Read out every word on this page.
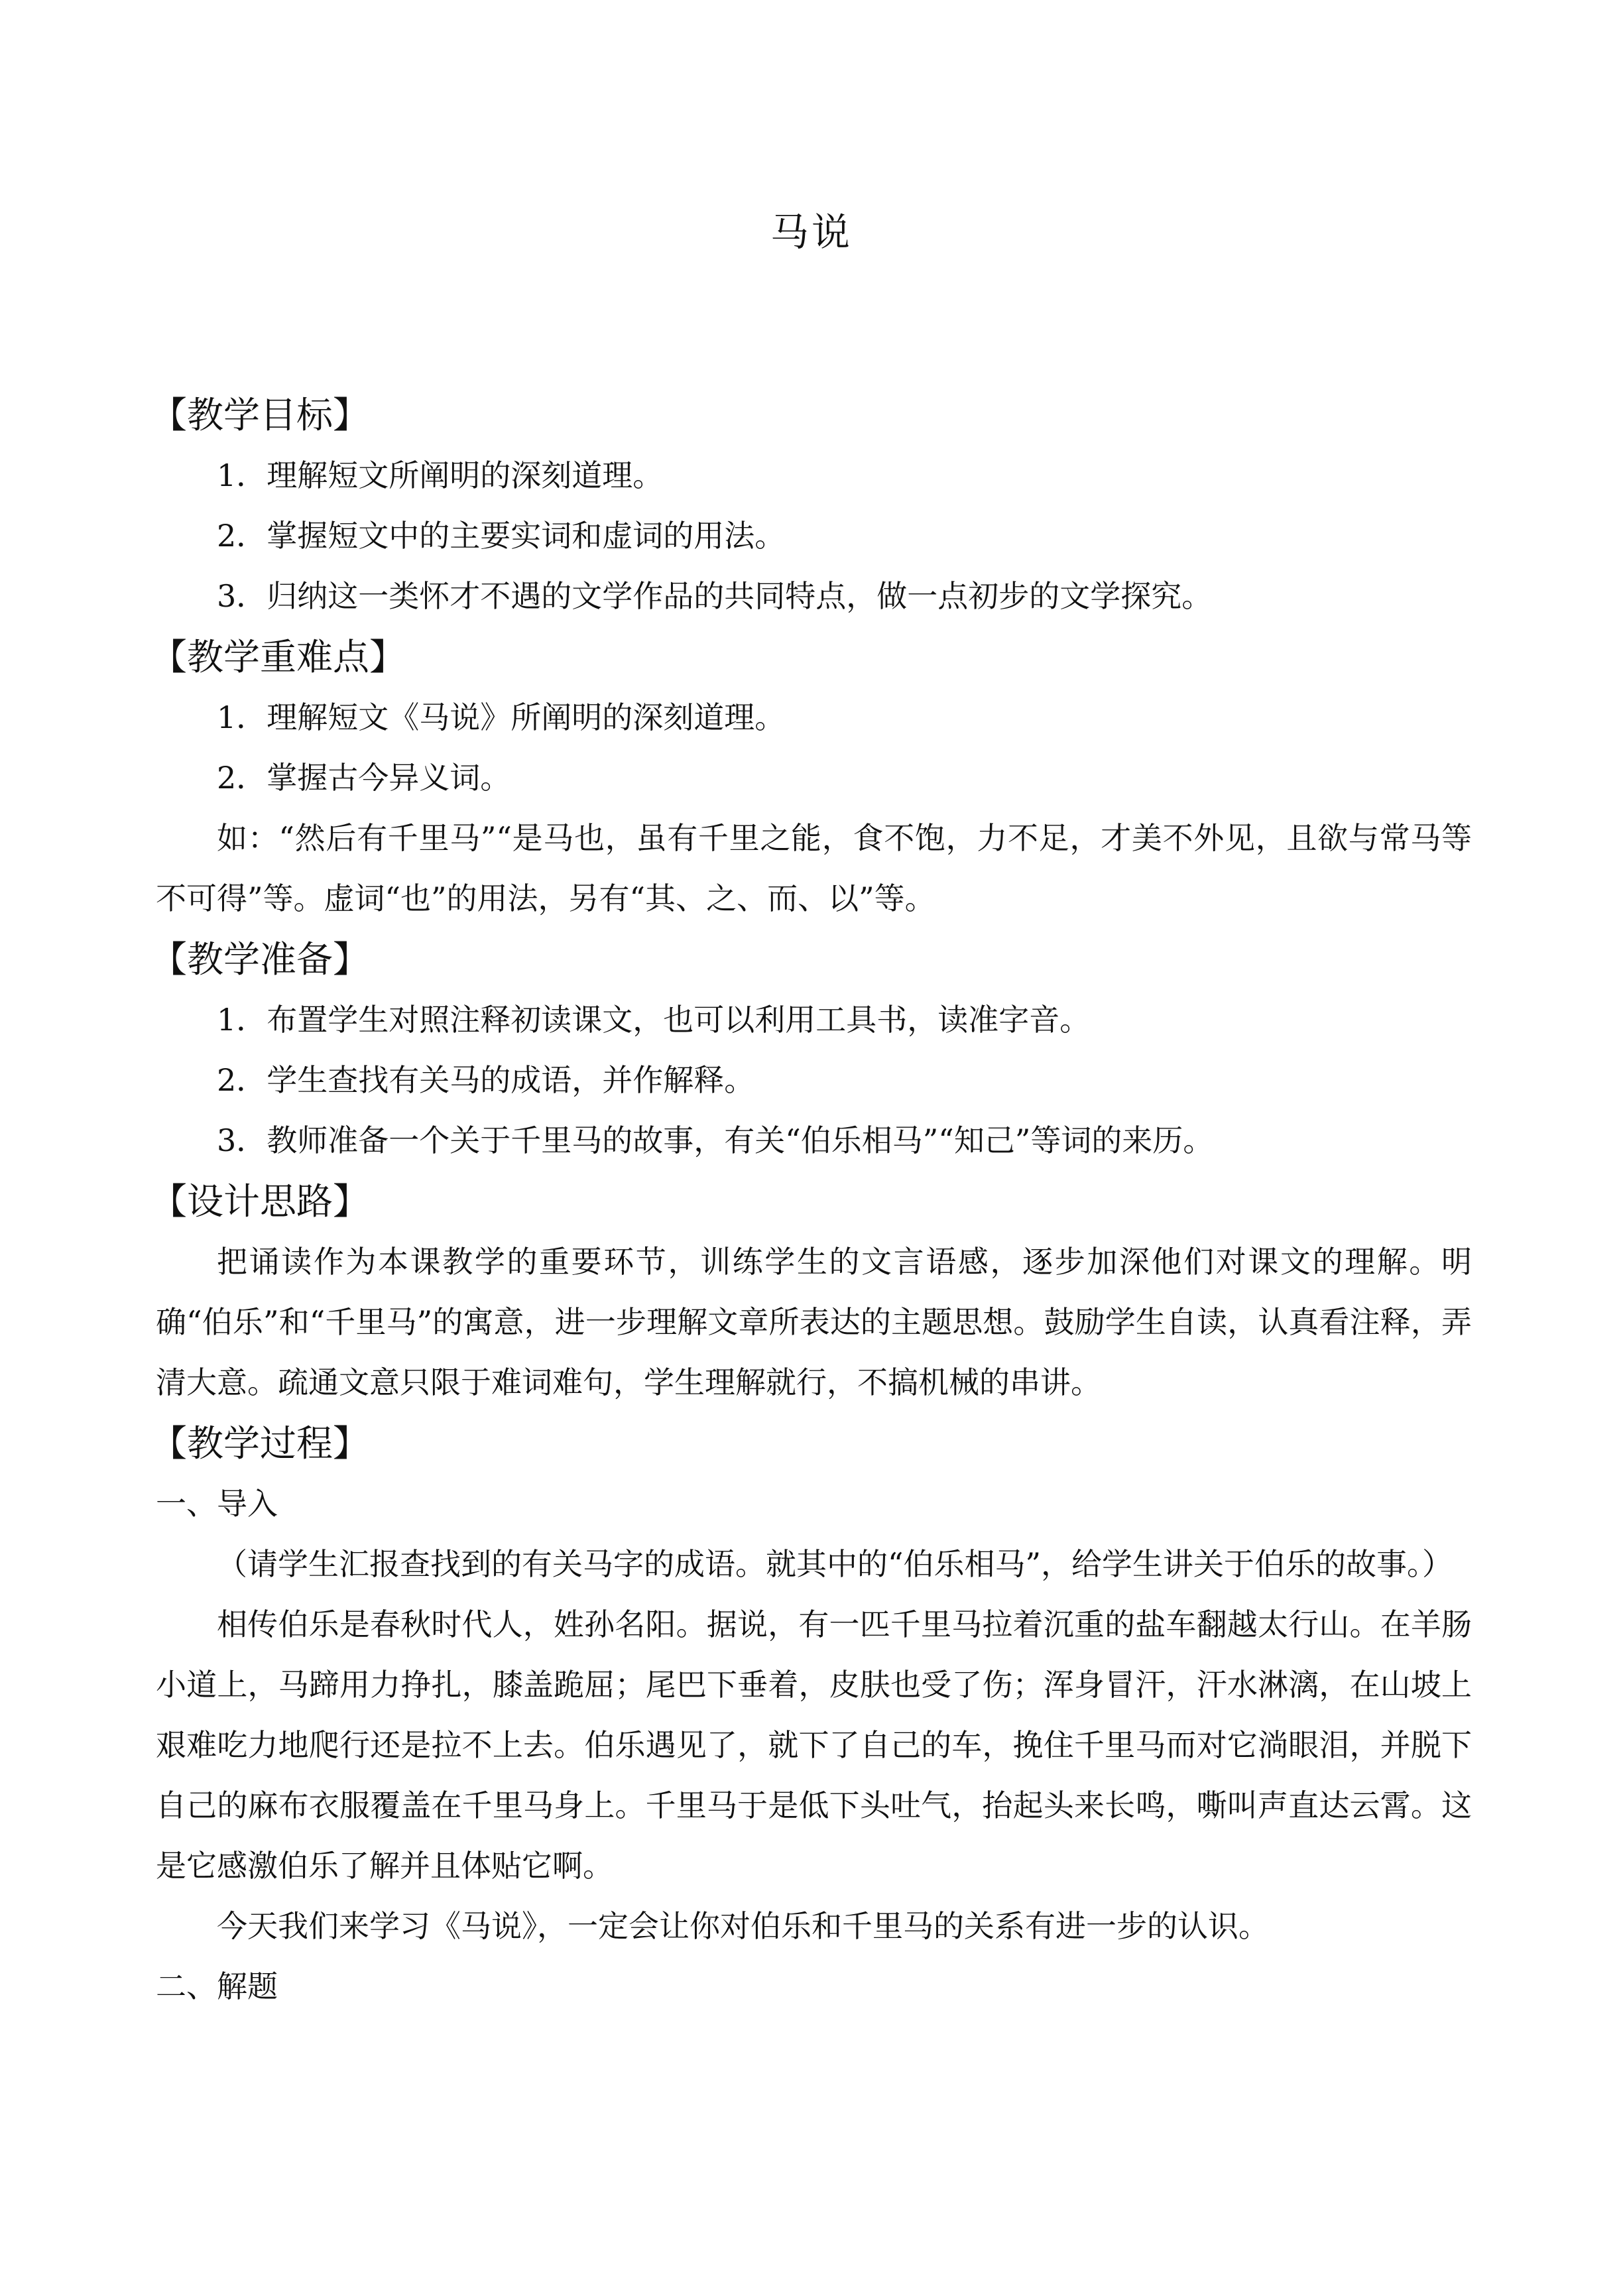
马说
【教学目标】
1．理解短文所阐明的深刻道理。
2．掌握短文中的主要实词和虚词的用法。
3．归纳这一类怀才不遇的文学作品的共同特点，做一点初步的文学探究。
【教学重难点】
1．理解短文《马说》所阐明的深刻道理。
2．掌握古今异义词。

如：“然后有千里马”“是马也，虽有千里之能，食不饱，力不足，才美不外见，且欲与常马等不可得”等。虚词“也”的用法，另有“其、之、而、以”等。

【教学准备】
1．布置学生对照注释初读课文，也可以利用工具书，读准字音。
2．学生查找有关马的成语，并作解释。
3．教师准备一个关于千里马的故事，有关“伯乐相马”“知己”等词的来历。
【设计思路】

把诵读作为本课教学的重要环节，训练学生的文言语感，逐步加深他们对课文的理解。明确“伯乐”和“千里马”的寓意，进一步理解文章所表达的主题思想。鼓励学生自读，认真看注释，弄清大意。疏通文意只限于难词难句，学生理解就行，不搞机械的串讲。

【教学过程】
一、导入

（请学生汇报查找到的有关马字的成语。就其中的“伯乐相马”，给学生讲关于伯乐的故事。）

相传伯乐是春秋时代人，姓孙名阳。据说，有一匹千里马拉着沉重的盐车翻越太行山。在羊肠小道上，马蹄用力挣扎，膝盖跪屈；尾巴下垂着，皮肤也受了伤；浑身冒汗，汗水淋漓，在山坡上艰难吃力地爬行还是拉不上去。伯乐遇见了，就下了自己的车，挽住千里马而对它淌眼泪，并脱下自己的麻布衣服覆盖在千里马身上。千里马于是低下头吐气，抬起头来长鸣，嘶叫声直达云霄。这是它感激伯乐了解并且体贴它啊。

今天我们来学习《马说》，一定会让你对伯乐和千里马的关系有进一步的认识。

二、解题
